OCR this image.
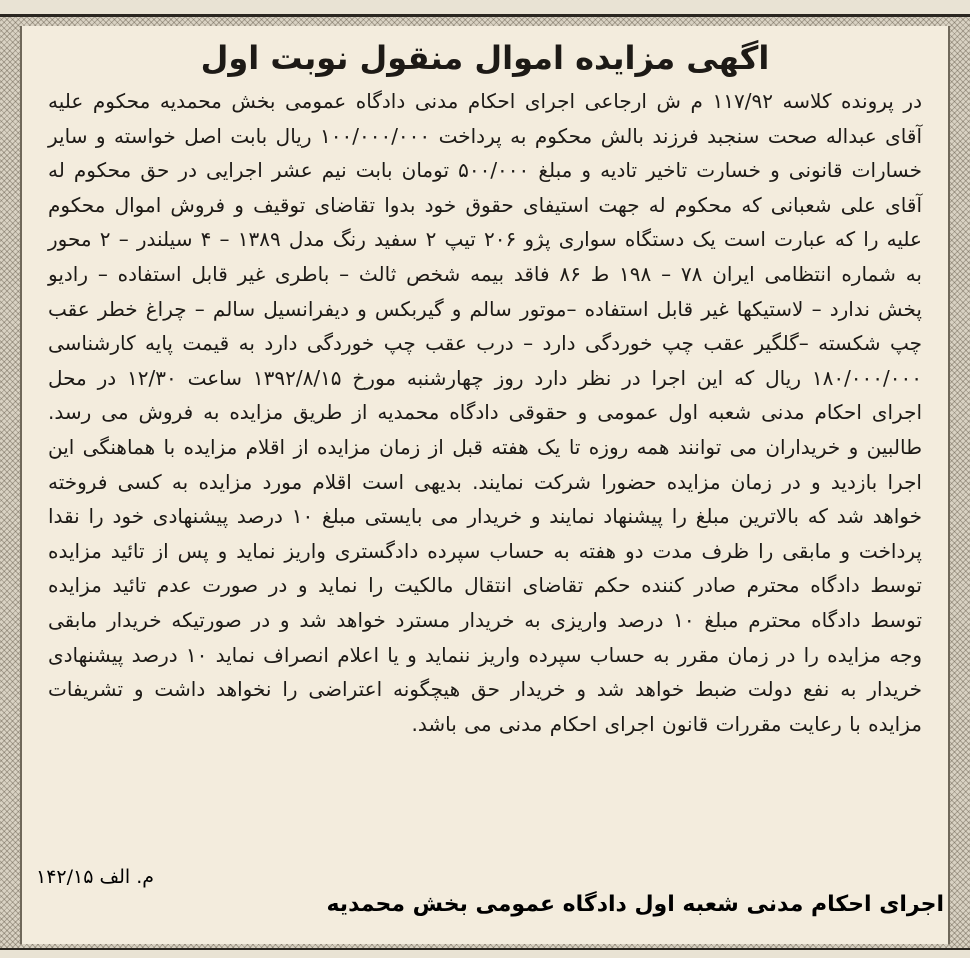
اگهی مزایده اموال منقول نوبت اول

در پرونده کلاسه ۱۱۷/۹۲ م ش ارجاعی اجرای احکام مدنی دادگاه عمومی بخش محمدیه محکوم علیه آقای عبداله صحت سنجبد فرزند بالش محکوم به پرداخت ۱۰۰/۰۰۰/۰۰۰ ریال بابت اصل خواسته و سایر خسارات قانونی و خسارت تاخیر تادیه و مبلغ ۵۰۰/۰۰۰ تومان بابت نیم عشر اجرایی در حق محکوم له آقای علی شعبانی که محکوم له جهت استیفای حقوق خود بدوا تقاضای توقیف و فروش اموال محکوم علیه را که عبارت است یک دستگاه سواری پژو ۲۰۶ تیپ ۲ سفید رنگ مدل ۱۳۸۹ – ۴ سیلندر – ۲ محور به شماره انتظامی ایران ۷۸ – ۱۹۸ ط ۸۶ فاقد بیمه شخص ثالث – باطری غیر قابل استفاده – رادیو پخش ندارد – لاستیکها غیر قابل استفاده –موتور سالم و گیربکس و دیفرانسیل سالم – چراغ خطر عقب چپ شکسته –گلگیر عقب چپ خوردگی دارد – درب عقب چپ خوردگی دارد به قیمت پایه کارشناسی ۱۸۰/۰۰۰/۰۰۰ ریال که این اجرا در نظر دارد روز چهارشنبه مورخ ۱۳۹۲/۸/۱۵ ساعت ۱۲/۳۰ در محل اجرای احکام مدنی شعبه اول عمومی و حقوقی دادگاه محمدیه از طریق مزایده به فروش می رسد. طالبین و خریداران می توانند همه روزه تا یک هفته قبل از زمان مزایده از اقلام مزایده با هماهنگی این اجرا بازدید و در زمان مزایده حضورا شرکت نمایند. بدیهی است اقلام مورد مزایده به کسی فروخته خواهد شد که بالاترین مبلغ را پیشنهاد نمایند و خریدار می بایستی مبلغ ۱۰ درصد پیشنهادی خود را نقدا پرداخت و مابقی را ظرف مدت دو هفته به حساب سپرده دادگستری واریز نماید و پس از تائید مزایده توسط دادگاه محترم صادر کننده حکم تقاضای انتقال مالکیت را نماید و در صورت عدم تائید مزایده توسط دادگاه محترم مبلغ ۱۰ درصد واریزی به خریدار مسترد خواهد شد و در صورتیکه خریدار مابقی وجه مزایده را در زمان مقرر به حساب سپرده واریز ننماید و یا اعلام انصراف نماید ۱۰ درصد پیشنهادی خریدار به نفع دولت ضبط خواهد شد و خریدار حق هیچگونه اعتراضی را نخواهد داشت و تشریفات مزایده با رعایت مقررات قانون اجرای احکام مدنی می باشد.

م. الف ۱۴۲/۱۵
اجرای احکام مدنی شعبه اول دادگاه عمومی بخش محمدیه
